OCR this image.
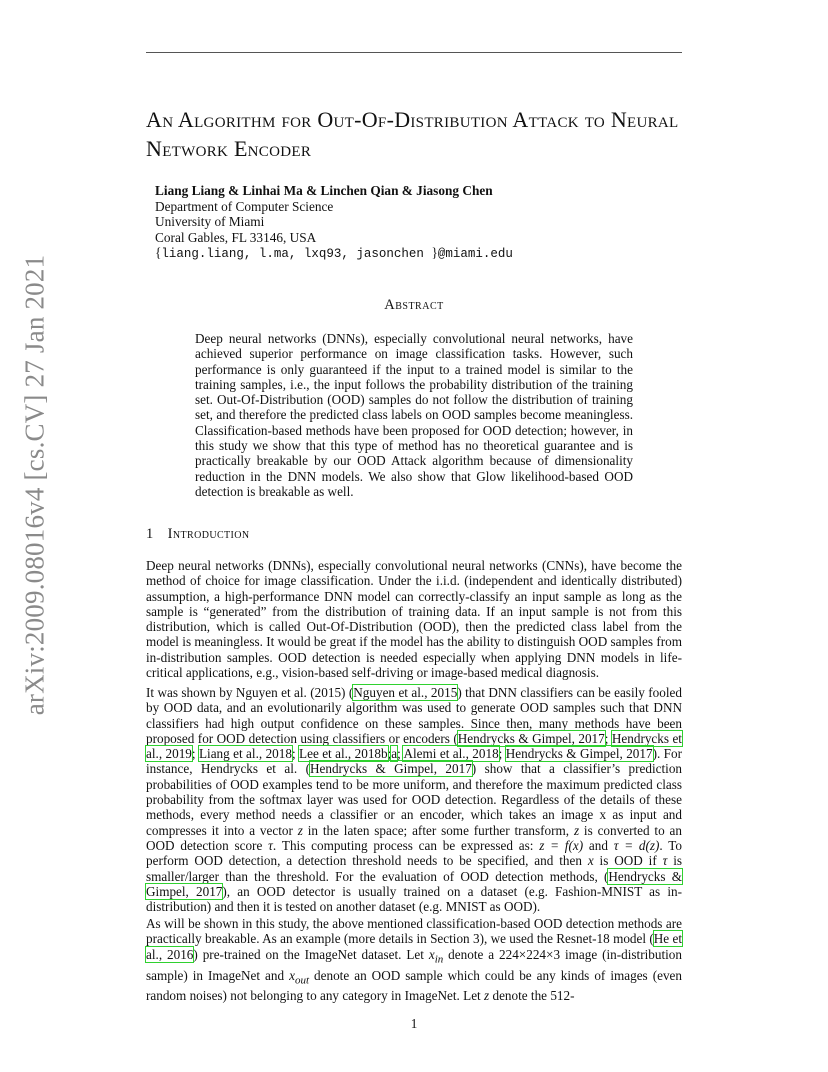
arXiv:2009.08016v4 [cs.CV] 27 Jan 2021
An Algorithm for Out-Of-Distribution Attack to Neural Network Encoder
Liang Liang & Linhai Ma & Linchen Qian & Jiasong Chen
Department of Computer Science
University of Miami
Coral Gables, FL 33146, USA
{liang.liang, l.ma, lxq93, jasonchen }@miami.edu
Abstract
Deep neural networks (DNNs), especially convolutional neural networks, have achieved superior performance on image classification tasks. However, such performance is only guaranteed if the input to a trained model is similar to the training samples, i.e., the input follows the probability distribution of the training set. Out-Of-Distribution (OOD) samples do not follow the distribution of training set, and therefore the predicted class labels on OOD samples become meaningless. Classification-based methods have been proposed for OOD detection; however, in this study we show that this type of method has no theoretical guarantee and is practically breakable by our OOD Attack algorithm because of dimensionality reduction in the DNN models. We also show that Glow likelihood-based OOD detection is breakable as well.
1 Introduction

Deep neural networks (DNNs), especially convolutional neural networks (CNNs), have become the method of choice for image classification. Under the i.i.d. (independent and identically distributed) assumption, a high-performance DNN model can correctly-classify an input sample as long as the sample is “generated” from the distribution of training data. If an input sample is not from this distribution, which is called Out-Of-Distribution (OOD), then the predicted class label from the model is meaningless. It would be great if the model has the ability to distinguish OOD samples from in-distribution samples. OOD detection is needed especially when applying DNN models in life-critical applications, e.g., vision-based self-driving or image-based medical diagnosis.

It was shown by Nguyen et al. (2015) (Nguyen et al., 2015) that DNN classifiers can be easily fooled by OOD data, and an evolutionarily algorithm was used to generate OOD samples such that DNN classifiers had high output confidence on these samples. Since then, many methods have been proposed for OOD detection using classifiers or encoders (Hendrycks & Gimpel, 2017; Hendrycks et al., 2019; Liang et al., 2018; Lee et al., 2018b;a; Alemi et al., 2018; Hendrycks & Gimpel, 2017). For instance, Hendrycks et al. (Hendrycks & Gimpel, 2017) show that a classifier’s prediction probabilities of OOD examples tend to be more uniform, and therefore the maximum predicted class probability from the softmax layer was used for OOD detection. Regardless of the details of these methods, every method needs a classifier or an encoder, which takes an image x as input and compresses it into a vector z in the laten space; after some further transform, z is converted to an OOD detection score τ. This computing process can be expressed as: z = f(x) and τ = d(z). To perform OOD detection, a detection threshold needs to be specified, and then x is OOD if τ is smaller/larger than the threshold. For the evaluation of OOD detection methods, (Hendrycks & Gimpel, 2017), an OOD detector is usually trained on a dataset (e.g. Fashion-MNIST as in-distribution) and then it is tested on another dataset (e.g. MNIST as OOD).

As will be shown in this study, the above mentioned classification-based OOD detection methods are practically breakable. As an example (more details in Section 3), we used the Resnet-18 model (He et al., 2016) pre-trained on the ImageNet dataset. Let $x_{in}$ denote a 224×224×3 image (in-distribution sample) in ImageNet and $x_{out}$ denote an OOD sample which could be any kinds of images (even random noises) not belonging to any category in ImageNet. Let z denote the 512-

1
